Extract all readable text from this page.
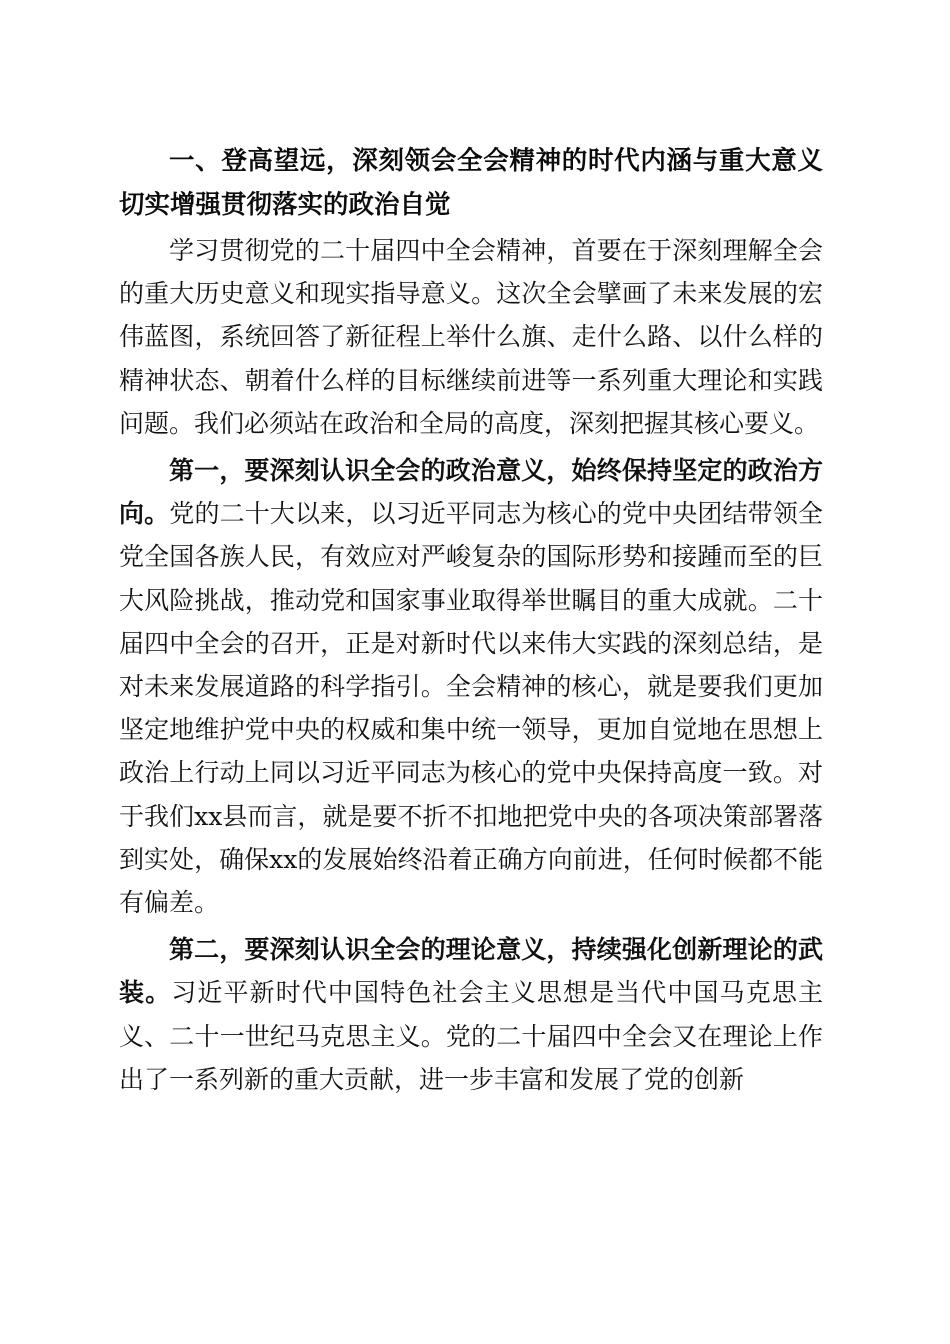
一、登高望远，深刻领会全会精神的时代内涵与重大意义切实增强贯彻落实的政治自觉

学习贯彻党的二十届四中全会精神，首要在于深刻理解全会的重大历史意义和现实指导意义。这次全会擘画了未来发展的宏伟蓝图，系统回答了新征程上举什么旗、走什么路、以什么样的精神状态、朝着什么样的目标继续前进等一系列重大理论和实践问题。我们必须站在政治和全局的高度，深刻把握其核心要义。

第一，要深刻认识全会的政治意义，始终保持坚定的政治方向。党的二十大以来，以习近平同志为核心的党中央团结带领全党全国各族人民，有效应对严峻复杂的国际形势和接踵而至的巨大风险挑战，推动党和国家事业取得举世瞩目的重大成就。二十届四中全会的召开，正是对新时代以来伟大实践的深刻总结，是对未来发展道路的科学指引。全会精神的核心，就是要我们更加坚定地维护党中央的权威和集中统一领导，更加自觉地在思想上政治上行动上同以习近平同志为核心的党中央保持高度一致。对于我们xx县而言，就是要不折不扣地把党中央的各项决策部署落到实处，确保xx的发展始终沿着正确方向前进，任何时候都不能有偏差。

第二，要深刻认识全会的理论意义，持续强化创新理论的武装。习近平新时代中国特色社会主义思想是当代中国马克思主义、二十一世纪马克思主义。党的二十届四中全会又在理论上作出了一系列新的重大贡献，进一步丰富和发展了党的创新
